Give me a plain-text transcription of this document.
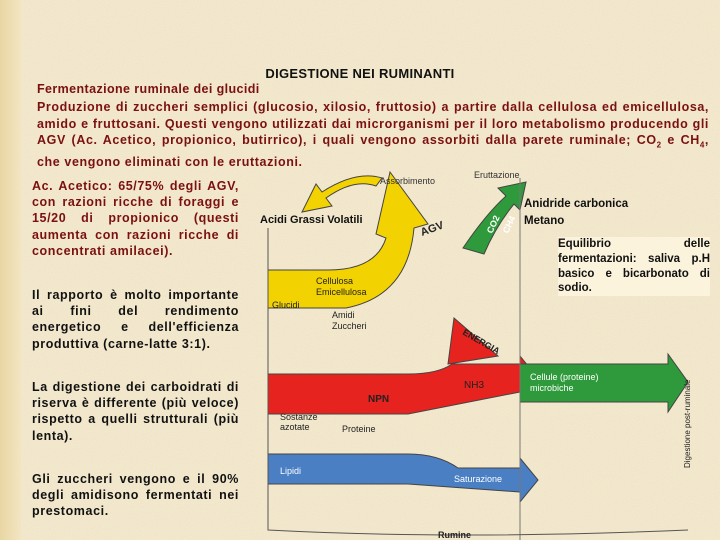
DIGESTIONE NEI RUMINANTI
Fermentazione ruminale dei glucidi
Produzione di zuccheri semplici (glucosio, xilosio, fruttosio) a partire dalla cellulosa ed emicellulosa, amido e fruttosani. Questi vengono utilizzati dai microrganismi per il loro metabolismo producendo gli AGV (Ac. Acetico, propionico, butirrico), i quali vengono assorbiti dalla parete ruminale; $CO_2$ e $CH_4$, che vengono eliminati con le eruttazioni.
Ac. Acetico: 65/75% degli AGV, con razioni ricche di foraggi e 15/20 di propionico (questi aumenta con razioni ricche di concentrati amilacei).
Il rapporto è molto importante ai fini del rendimento energetico e dell'efficienza produttiva (carne-latte 3:1).
La digestione dei carboidrati di riserva è differente (più veloce) rispetto a quelli strutturali (più lenta).
Gli zuccheri vengono e il 90% degli amidisono fermentati nei prestomaci.
Assorbimento
Eruttazione
AGV	CO2 CH4
Cellulosa
Emicellulosa
Glucidi
Amidi
Zuccheri
ENERGIA
NH3
NPN
Sostanze
azotate	Proteine
Cellule (proteine)
microbiche	Digestione post-ruminale
Lipidi
Saturazione
Rumine
Acidi Grassi Volatili
Anidride carbonica
Metano
Equilibrio delle fermentazioni: saliva p.H basico e bicarbonato di sodio.
